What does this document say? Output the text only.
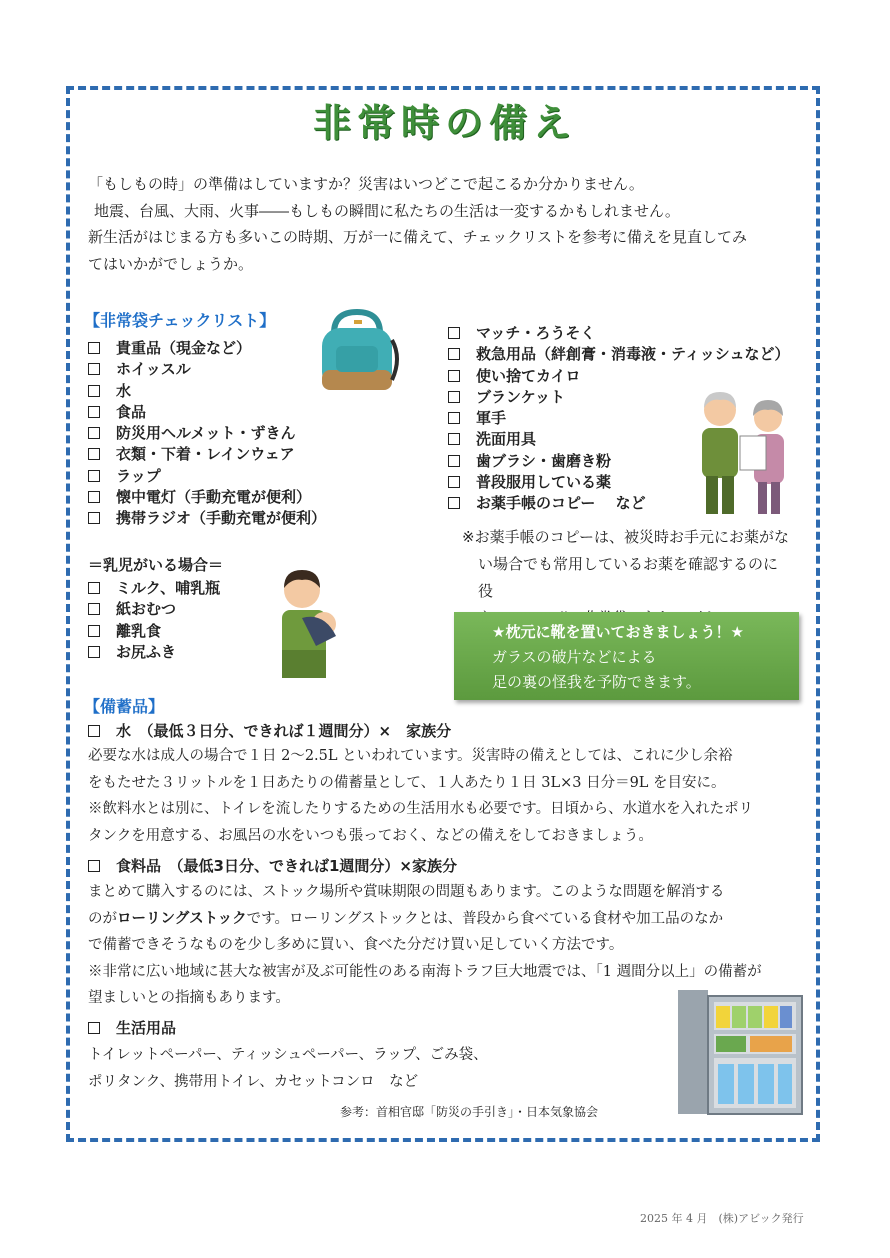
非常時の備え

「もしもの時」の準備はしていますか？災害はいつどこで起こるか分かりません。

地震、台風、大雨、火事――もしもの瞬間に私たちの生活は一変するかもしれません。

新生活がはじまる方も多いこの時期、万が一に備えて、チェックリストを参考に備えを見直してみ

てはいかがでしょうか。

【非常袋チェックリスト】
貴重品（現金など）
ホイッスル
水
食品
防災用ヘルメット・ずきん
衣類・下着・レインウェア
ラップ
懐中電灯（手動充電が便利）
携帯ラジオ（手動充電が便利）
マッチ・ろうそく
救急用品（絆創膏・消毒液・ティッシュなど）
使い捨てカイロ
ブランケット
軍手
洗面用具
歯ブラシ・歯磨き粉
普段服用している薬
お薬手帳のコピー　 など
＝乳児がいる場合＝
ミルク、哺乳瓶
紙おむつ
離乳食
お尻ふき
※お薬手帳のコピーは、被災時お手元にお薬がな
い場合でも常用しているお薬を確認するのに役
★枕元に靴を置いておきましょう！★
ガラスの破片などによる
足の裏の怪我を予防できます。
【備蓄品】
水　（最低３日分、できれば１週間分）×　家族分

必要な水は成人の場合で１日 2～2.5L といわれています。災害時の備えとしては、これに少し余裕

をもたせた３リットルを１日あたりの備蓄量として、１人あたり１日 3L×3 日分＝9L を目安に。

※飲料水とは別に、トイレを流したりするための生活用水も必要です。日頃から、水道水を入れたポリ

タンクを用意する、お風呂の水をいつも張っておく、などの備えをしておきましょう。

食料品　（最低3日分、できれば1週間分）×家族分

まとめて購入するのには、ストック場所や賞味期限の問題もあります。このような問題を解消する

のがローリングストックです。ローリングストックとは、普段から食べている食材や加工品のなか

で備蓄できそうなものを少し多めに買い、食べた分だけ買い足していく方法です。

※非常に広い地域に甚大な被害が及ぶ可能性のある南海トラフ巨大地震では、「1 週間分以上」の備蓄が

望ましいとの指摘もあります。

生活用品

トイレットペーパー、ティッシュペーパー、ラップ、ごみ袋、

ポリタンク、携帯用トイレ、カセットコンロ　など

参考：首相官邸「防災の手引き」・日本気象協会
2025 年 4 月　(株)アビック発行
